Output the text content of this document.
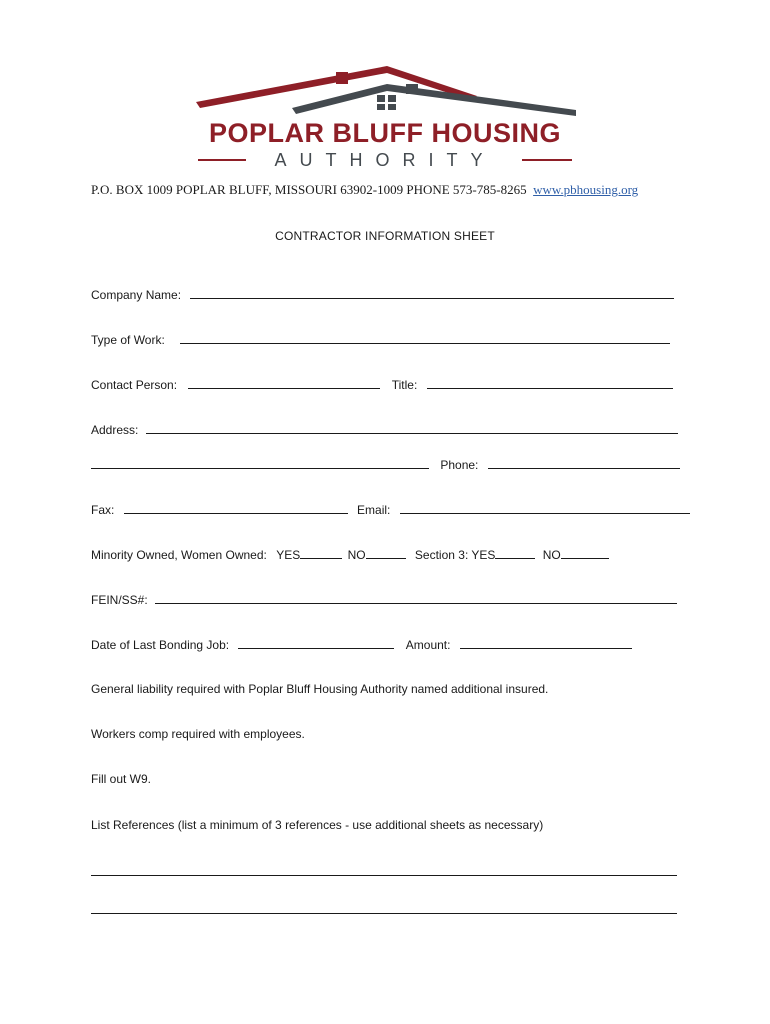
POPLAR BLUFF HOUSING
AUTHORITY
P.O. BOX 1009 POPLAR BLUFF, MISSOURI 63902-1009 PHONE 573-785-8265 www.pbhousing.org
CONTRACTOR INFORMATION SHEET
Company Name:
Type of Work:
Contact Person:	Title:
Address:
Phone:
Fax:	Email:
Minority Owned, Women Owned: YES	NO	Section 3: YES	NO
FEIN/SS#:
Date of Last Bonding Job:	Amount:
General liability required with Poplar Bluff Housing Authority named additional insured.
Workers comp required with employees.
Fill out W9.
List References (list a minimum of 3 references - use additional sheets as necessary)
